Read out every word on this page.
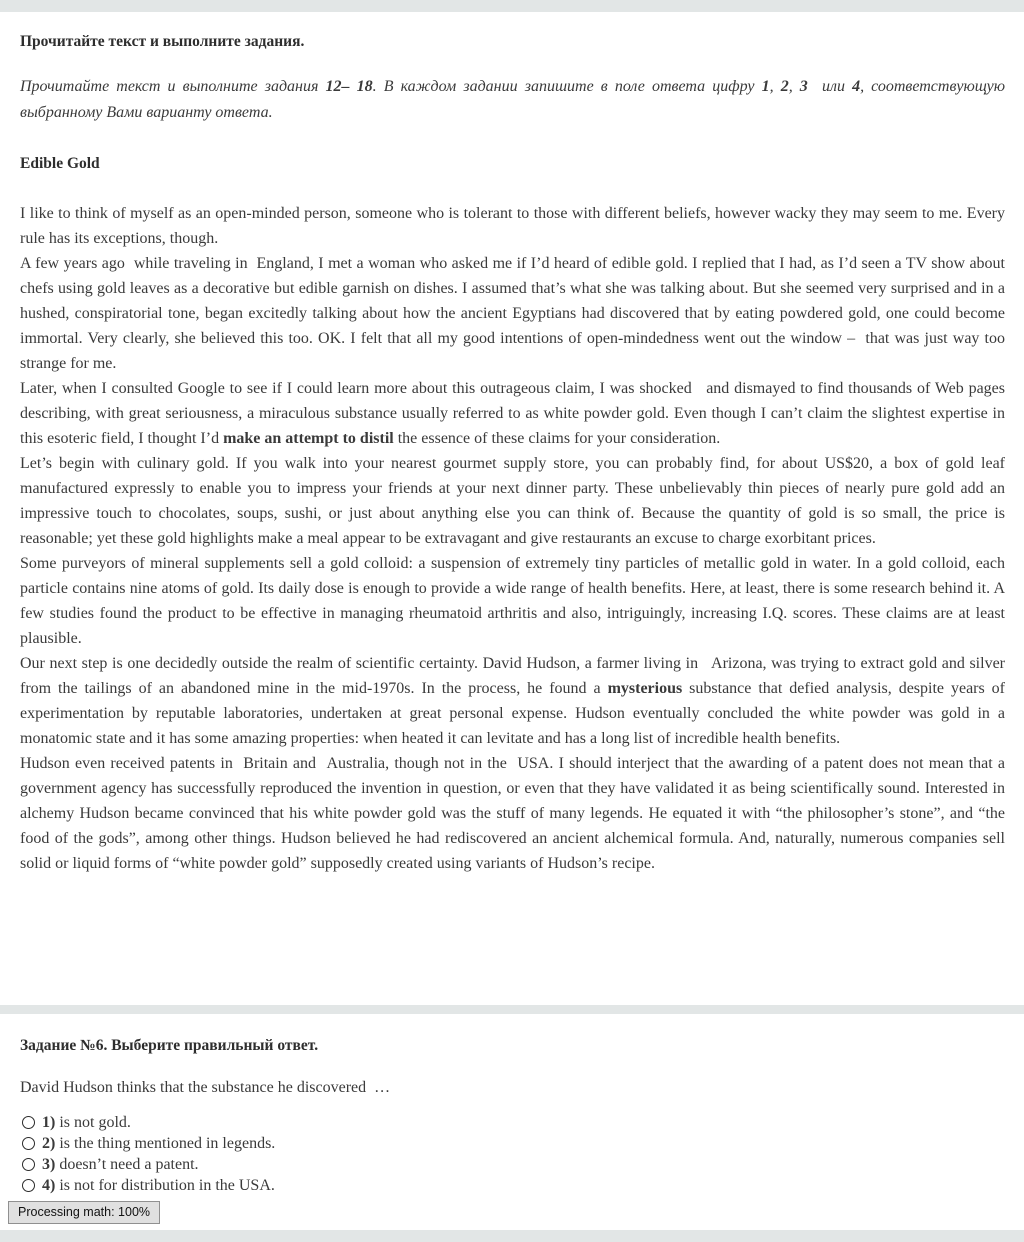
Прочитайте текст и выполните задания.

Прочитайте текст и выполните задания 12– 18. В каждом задании запишите в поле ответа цифру 1, 2, 3  или 4, соответствующую выбранному Вами варианту ответа.

Edible Gold

I like to think of myself as an open-minded person, someone who is tolerant to those with different beliefs, however wacky they may seem to me. Every rule has its exceptions, though.

A few years ago  while traveling in  England, I met a woman who asked me if I’d heard of edible gold. I replied that I had, as I’d seen a TV show about chefs using gold leaves as a decorative but edible garnish on dishes. I assumed that’s what she was talking about. But she seemed very surprised and in a hushed, conspiratorial tone, began excitedly talking about how the ancient Egyptians had discovered that by eating powdered gold, one could become immortal. Very clearly, she believed this too. OK. I felt that all my good intentions of open-mindedness went out the window –  that was just way too strange for me.

Later, when I consulted Google to see if I could learn more about this outrageous claim, I was shocked   and dismayed to find thousands of Web pages describing, with great seriousness, a miraculous substance usually referred to as white powder gold. Even though I can’t claim the slightest expertise in this esoteric field, I thought I’d make an attempt to distil the essence of these claims for your consideration.

Let’s begin with culinary gold. If you walk into your nearest gourmet supply store, you can probably find, for about US$20, a box of gold leaf manufactured expressly to enable you to impress your friends at your next dinner party. These unbelievably thin pieces of nearly pure gold add an impressive touch to chocolates, soups, sushi, or just about anything else you can think of. Because the quantity of gold is so small, the price is reasonable; yet these gold highlights make a meal appear to be extravagant and give restaurants an excuse to charge exorbitant prices.

Some purveyors of mineral supplements sell a gold colloid: a suspension of extremely tiny particles of metallic gold in water. In a gold colloid, each particle contains nine atoms of gold. Its daily dose is enough to provide a wide range of health benefits. Here, at least, there is some research behind it. A few studies found the product to be effective in managing rheumatoid arthritis and also, intriguingly, increasing I.Q. scores. These claims are at least plausible.

Our next step is one decidedly outside the realm of scientific certainty. David Hudson, a farmer living in   Arizona, was trying to extract gold and silver from the tailings of an abandoned mine in the mid-1970s. In the process, he found a mysterious substance that defied analysis, despite years of experimentation by reputable laboratories, undertaken at great personal expense. Hudson eventually concluded the white powder was gold in a monatomic state and it has some amazing properties: when heated it can levitate and has a long list of incredible health benefits.

Hudson even received patents in  Britain and  Australia, though not in the  USA. I should interject that the awarding of a patent does not mean that a government agency has successfully reproduced the invention in question, or even that they have validated it as being scientifically sound. Interested in alchemy Hudson became convinced that his white powder gold was the stuff of many legends. He equated it with “the philosopher’s stone”, and “the food of the gods”, among other things. Hudson believed he had rediscovered an ancient alchemical formula. And, naturally, numerous companies sell solid or liquid forms of “white powder gold” supposedly created using variants of Hudson’s recipe.

Задание №6. Выберите правильный ответ.

David Hudson thinks that the substance he discovered  …

1) is not gold.
2) is the thing mentioned in legends.
3) doesn’t need a patent.
4) is not for distribution in the USA.
Processing math: 100%
